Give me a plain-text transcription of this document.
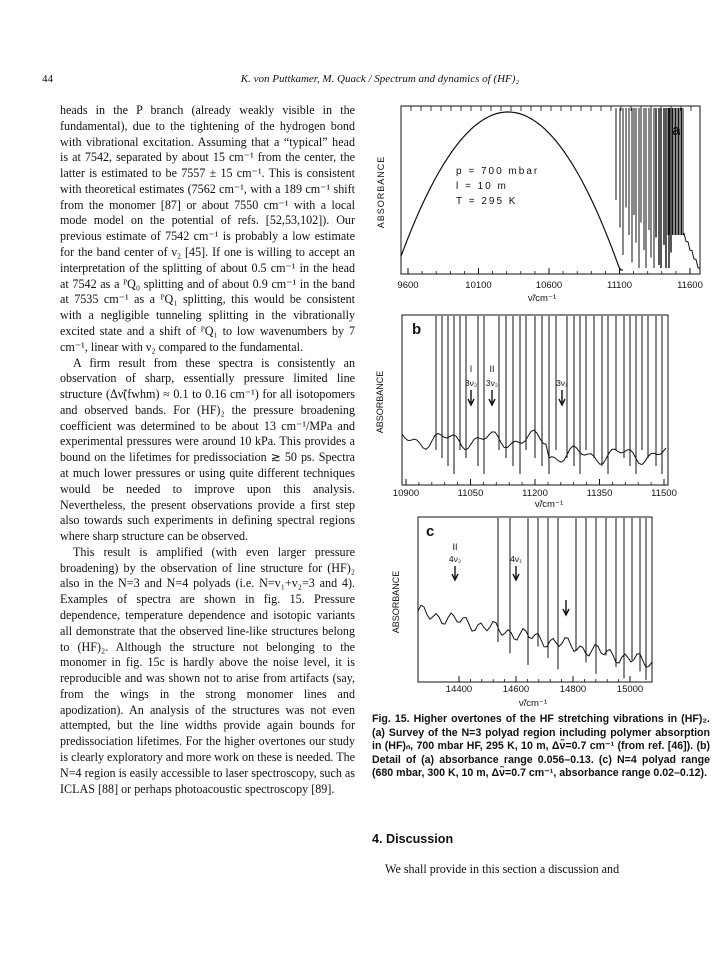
44	K. von Puttkamer, M. Quack / Spectrum and dynamics of (HF)₂

heads in the P branch (already weakly visible in the fundamental), due to the tightening of the hydrogen bond with vibrational excitation. Assuming that a “typical” head is at 7542, separated by about 15 cm⁻¹ from the center, the latter is estimated to be 7557 ± 15 cm⁻¹. This is consistent with theoretical estimates (7562 cm⁻¹, with a 189 cm⁻¹ shift from the monomer [87] or about 7550 cm⁻¹ with a local mode model on the potential of refs. [52,53,102]). Our previous estimate of 7542 cm⁻¹ is probably a low estimate for the band center of ν₂ [45]. If one is willing to accept an interpretation of the splitting of about 0.5 cm⁻¹ in the head at 7542 as a ᴾQ₀ splitting and of about 0.9 cm⁻¹ in the band at 7535 cm⁻¹ as a ᴾQ₁ splitting, this would be consistent with a negligible tunneling splitting in the vibrationally excited state and a shift of ᴾQ₁ to low wavenumbers by 7 cm⁻¹, linear with ν₂ compared to the fundamental.

A firm result from these spectra is consistently an observation of sharp, essentially pressure limited line structure (Δν̃(fwhm) ≈ 0.1 to 0.16 cm⁻¹) for all isotopomers and observed bands. For (HF)₂ the pressure broadening coefficient was determined to be about 13 cm⁻¹/MPa and experimental pressures were around 10 kPa. This provides a bound on the lifetimes for predissociation ≳ 50 ps. Spectra at much lower pressures or using quite different techniques would be needed to improve upon this analysis. Nevertheless, the present observations provide a first step also towards such experiments in defining spectral regions where sharp structure can be observed.

This result is amplified (with even larger pressure broadening) by the observation of line structure for (HF)₂ also in the N=3 and N=4 polyads (i.e. N=v₁+v₂=3 and 4). Examples of spectra are shown in fig. 15. Pressure dependence, temperature dependence and isotopic variants all demonstrate that the observed line-like structures belong to (HF)₂. Although the structure not belonging to the monomer in fig. 15c is hardly above the noise level, it is reproducible and was shown not to arise from artifacts (say, from the wings in the strong monomer lines and apodization). An analysis of the structures was not even attempted, but the line widths provide again bounds for predissociation lifetimes. For the higher overtones our study is clearly exploratory and more work on these is needed. The N=4 region is easily accessible to laser spectroscopy, such as ICLAS [88] or perhaps photoacoustic spectroscopy [89].

a
ABSORBANCE	p = 700 mbar
l = 10 m
T = 295 K
9600	10100	10600	11100	11600
ν̃/cm⁻¹
b
ABSORBANCE
I
3ν₂
II
3ν₂	3ν₁
10900	11050	11200	11350	11500
ν̃/cm⁻¹
c
ABSORBANCE
II
4ν₂	4ν₁
14400	14600	14800	15000
ν̃/cm⁻¹
Fig. 15. Higher overtones of the HF stretching vibrations in (HF)₂. (a) Survey of the N=3 polyad region including polymer absorption in (HF)ₙ, 700 mbar HF, 295 K, 10 m, Δν̃=0.7 cm⁻¹ (from ref. [46]). (b) Detail of (a) absorbance range 0.056–0.13. (c) N=4 polyad range (680 mbar, 300 K, 10 m, Δν̃=0.7 cm⁻¹, absorbance range 0.02–0.12).
4. Discussion
We shall provide in this section a discussion and
